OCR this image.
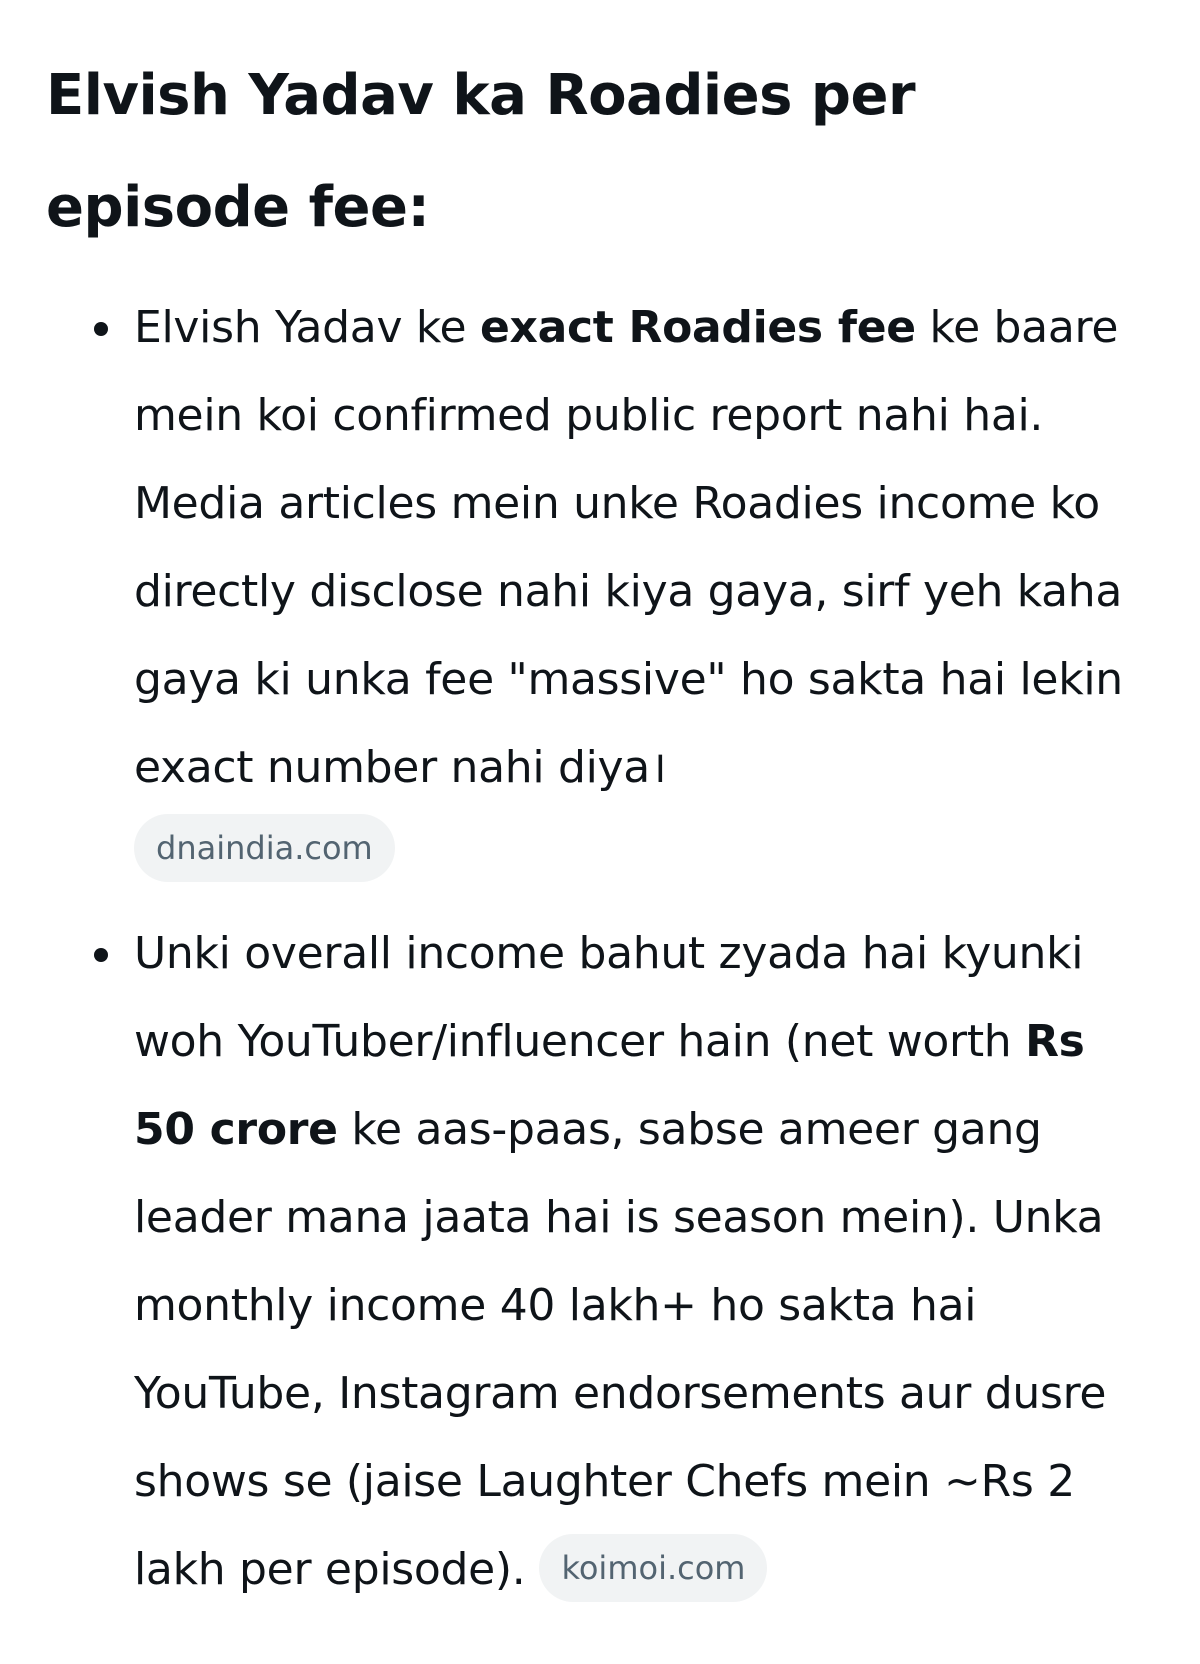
Elvish Yadav ka Roadies per episode fee:
Elvish Yadav ke exact Roadies fee ke baare mein koi confirmed public report nahi hai. Media articles mein unke Roadies income ko directly disclose nahi kiya gaya, sirf yeh kaha gaya ki unka fee "massive" ho sakta hai lekin exact number nahi diya।
dnaindia.com
Unki overall income bahut zyada hai kyunki woh YouTuber/influencer hain (net worth Rs 50 crore ke aas-paas, sabse ameer gang leader mana jaata hai is season mein). Unka monthly income 40 lakh+ ho sakta hai YouTube, Instagram endorsements aur dusre shows se (jaise Laughter Chefs mein ~Rs 2 lakh per episode). koimoi.com
